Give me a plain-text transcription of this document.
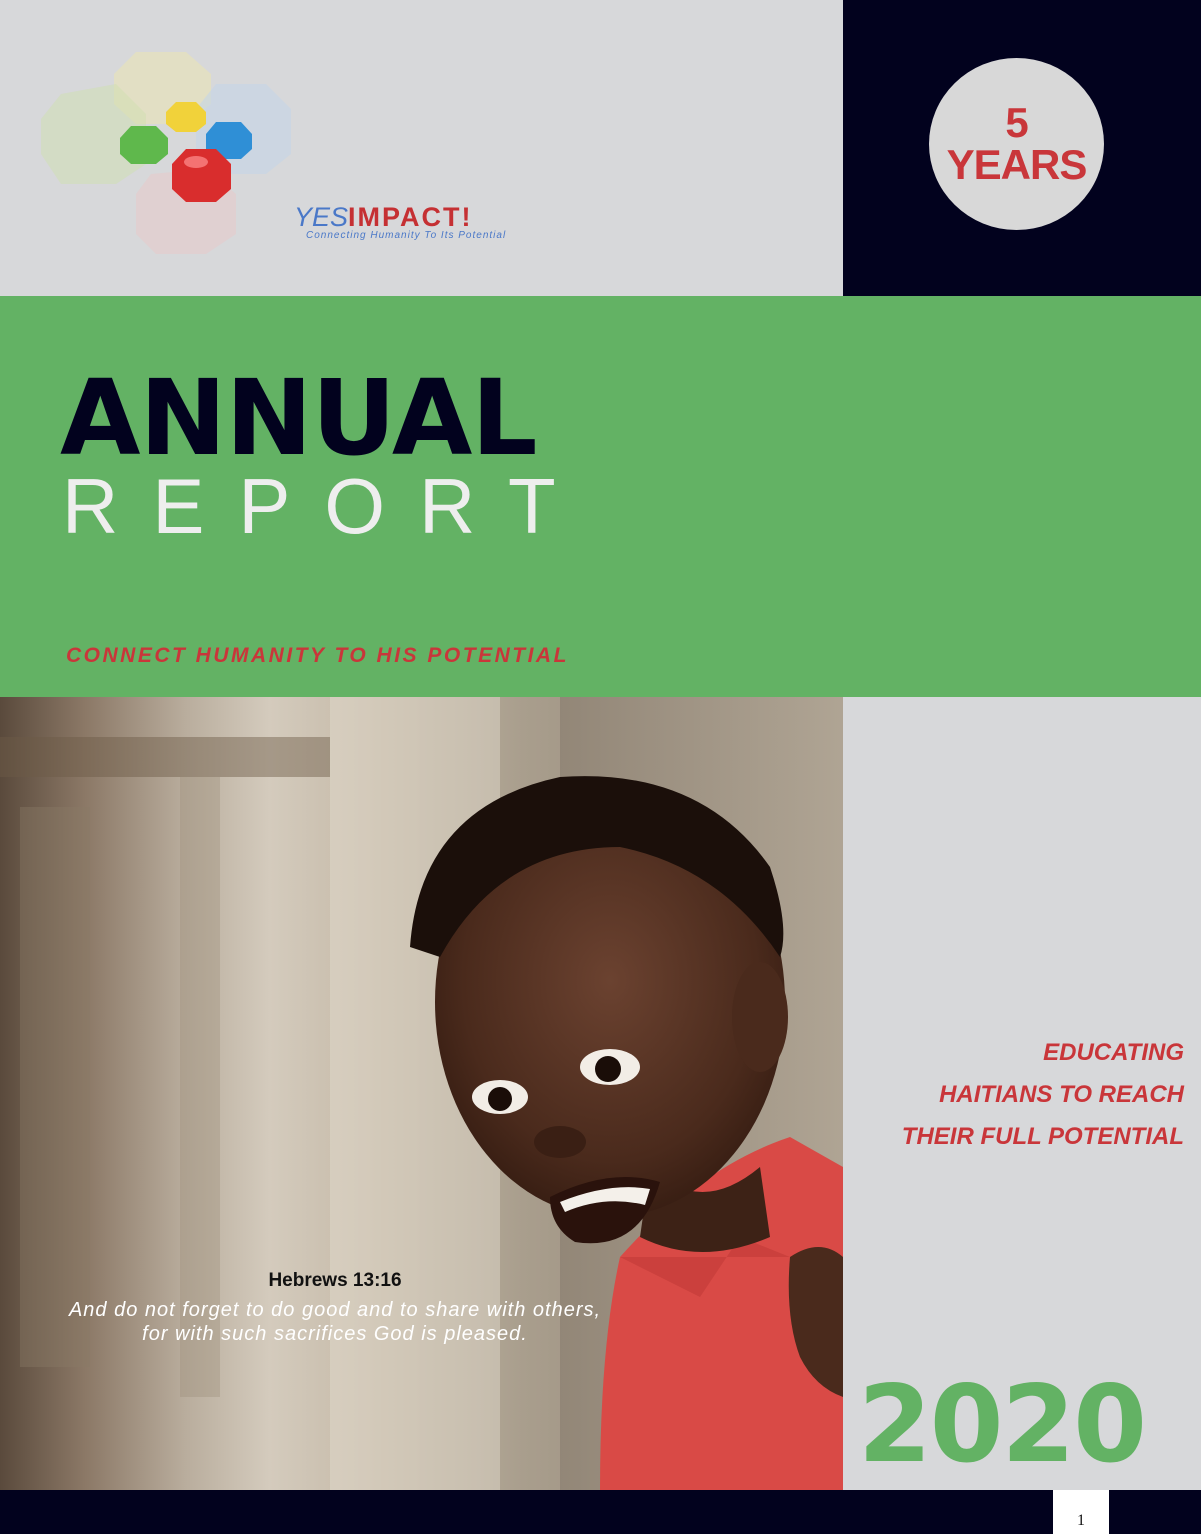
YESIMPACT!
Connecting Humanity To Its Potential
5
YEARS
ANNUAL
REPORT
CONNECT HUMANITY TO HIS POTENTIAL
Hebrews 13:16
And do not forget to do good and to share with others, for with such sacrifices God is pleased.
EDUCATING
HAITIANS TO REACH
THEIR FULL POTENTIAL
2020
1
